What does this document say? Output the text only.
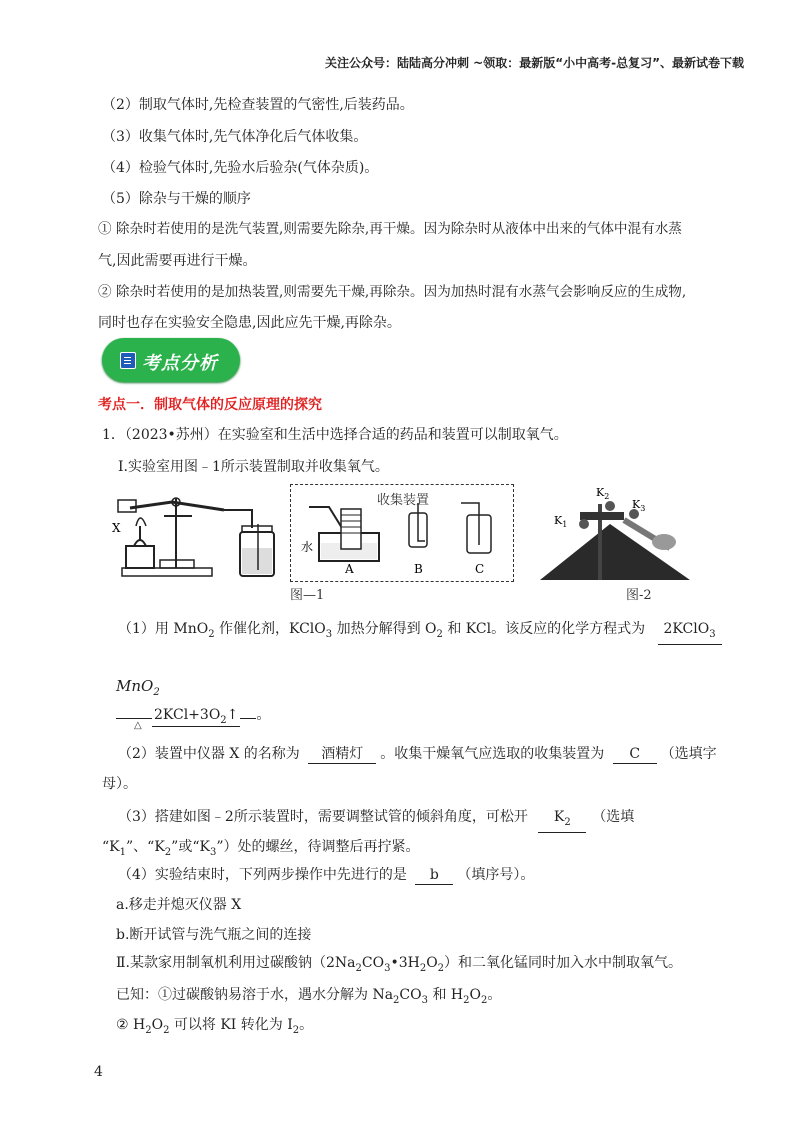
关注公众号：陆陆高分冲刺 ~领取：最新版“小中高考-总复习”、最新试卷下载
（2）制取气体时,先检查装置的气密性,后装药品。
（3）收集气体时,先气体净化后气体收集。
（4）检验气体时,先验水后验杂(气体杂质)。
（5）除杂与干燥的顺序
① 除杂时若使用的是洗气装置,则需要先除杂,再干燥。因为除杂时从液体中出来的气体中混有水蒸
气,因此需要再进行干燥。
② 除杂时若使用的是加热装置,则需要先干燥,再除杂。因为加热时混有水蒸气会影响反应的生成物,
同时也存在实验安全隐患,因此应先干燥,再除杂。
考点分析
考点一．制取气体的反应原理的探究
1．（2023•苏州）在实验室和生活中选择合适的药品和装置可以制取氧气。
Ⅰ.实验室用图﹣1所示装置制取并收集氧气。
X
收集装置
水
A	B	C
图—1
$K_1$
$K_2$
$K_3$
图-2
（1）用 MnO$_2$ 作催化剂，KClO$_3$ 加热分解得到 $O_2$ 和 KCl。该反应的化学方程式为 2KClO$_3$
MnO$_2$
$2KCl+3O_2↑$ 。
△
（2）装置中仪器 X 的名称为 酒精灯 。收集干燥氧气应选取的收集装置为 C （选填字
母）。
（3）搭建如图﹣2所示装置时，需要调整试管的倾斜角度，可松开 $K_2$ （选填
“$K_1$”、“$K_2$”或“$K_3$”）处的螺丝，待调整后再拧紧。
（4）实验结束时，下列两步操作中先进行的是 b （填序号）。
a.移走并熄灭仪器 X
b.断开试管与洗气瓶之间的连接
Ⅱ.某款家用制氧机利用过碳酸钠$(2Na_2CO_3•3H_2O_2)$和二氧化锰同时加入水中制取氧气。
已知：①过碳酸钠易溶于水，遇水分解为 $Na_2CO_3$ 和 $H_2O_2$。
② $H_2O_2$ 可以将 KI 转化为 $I_2$。
4
